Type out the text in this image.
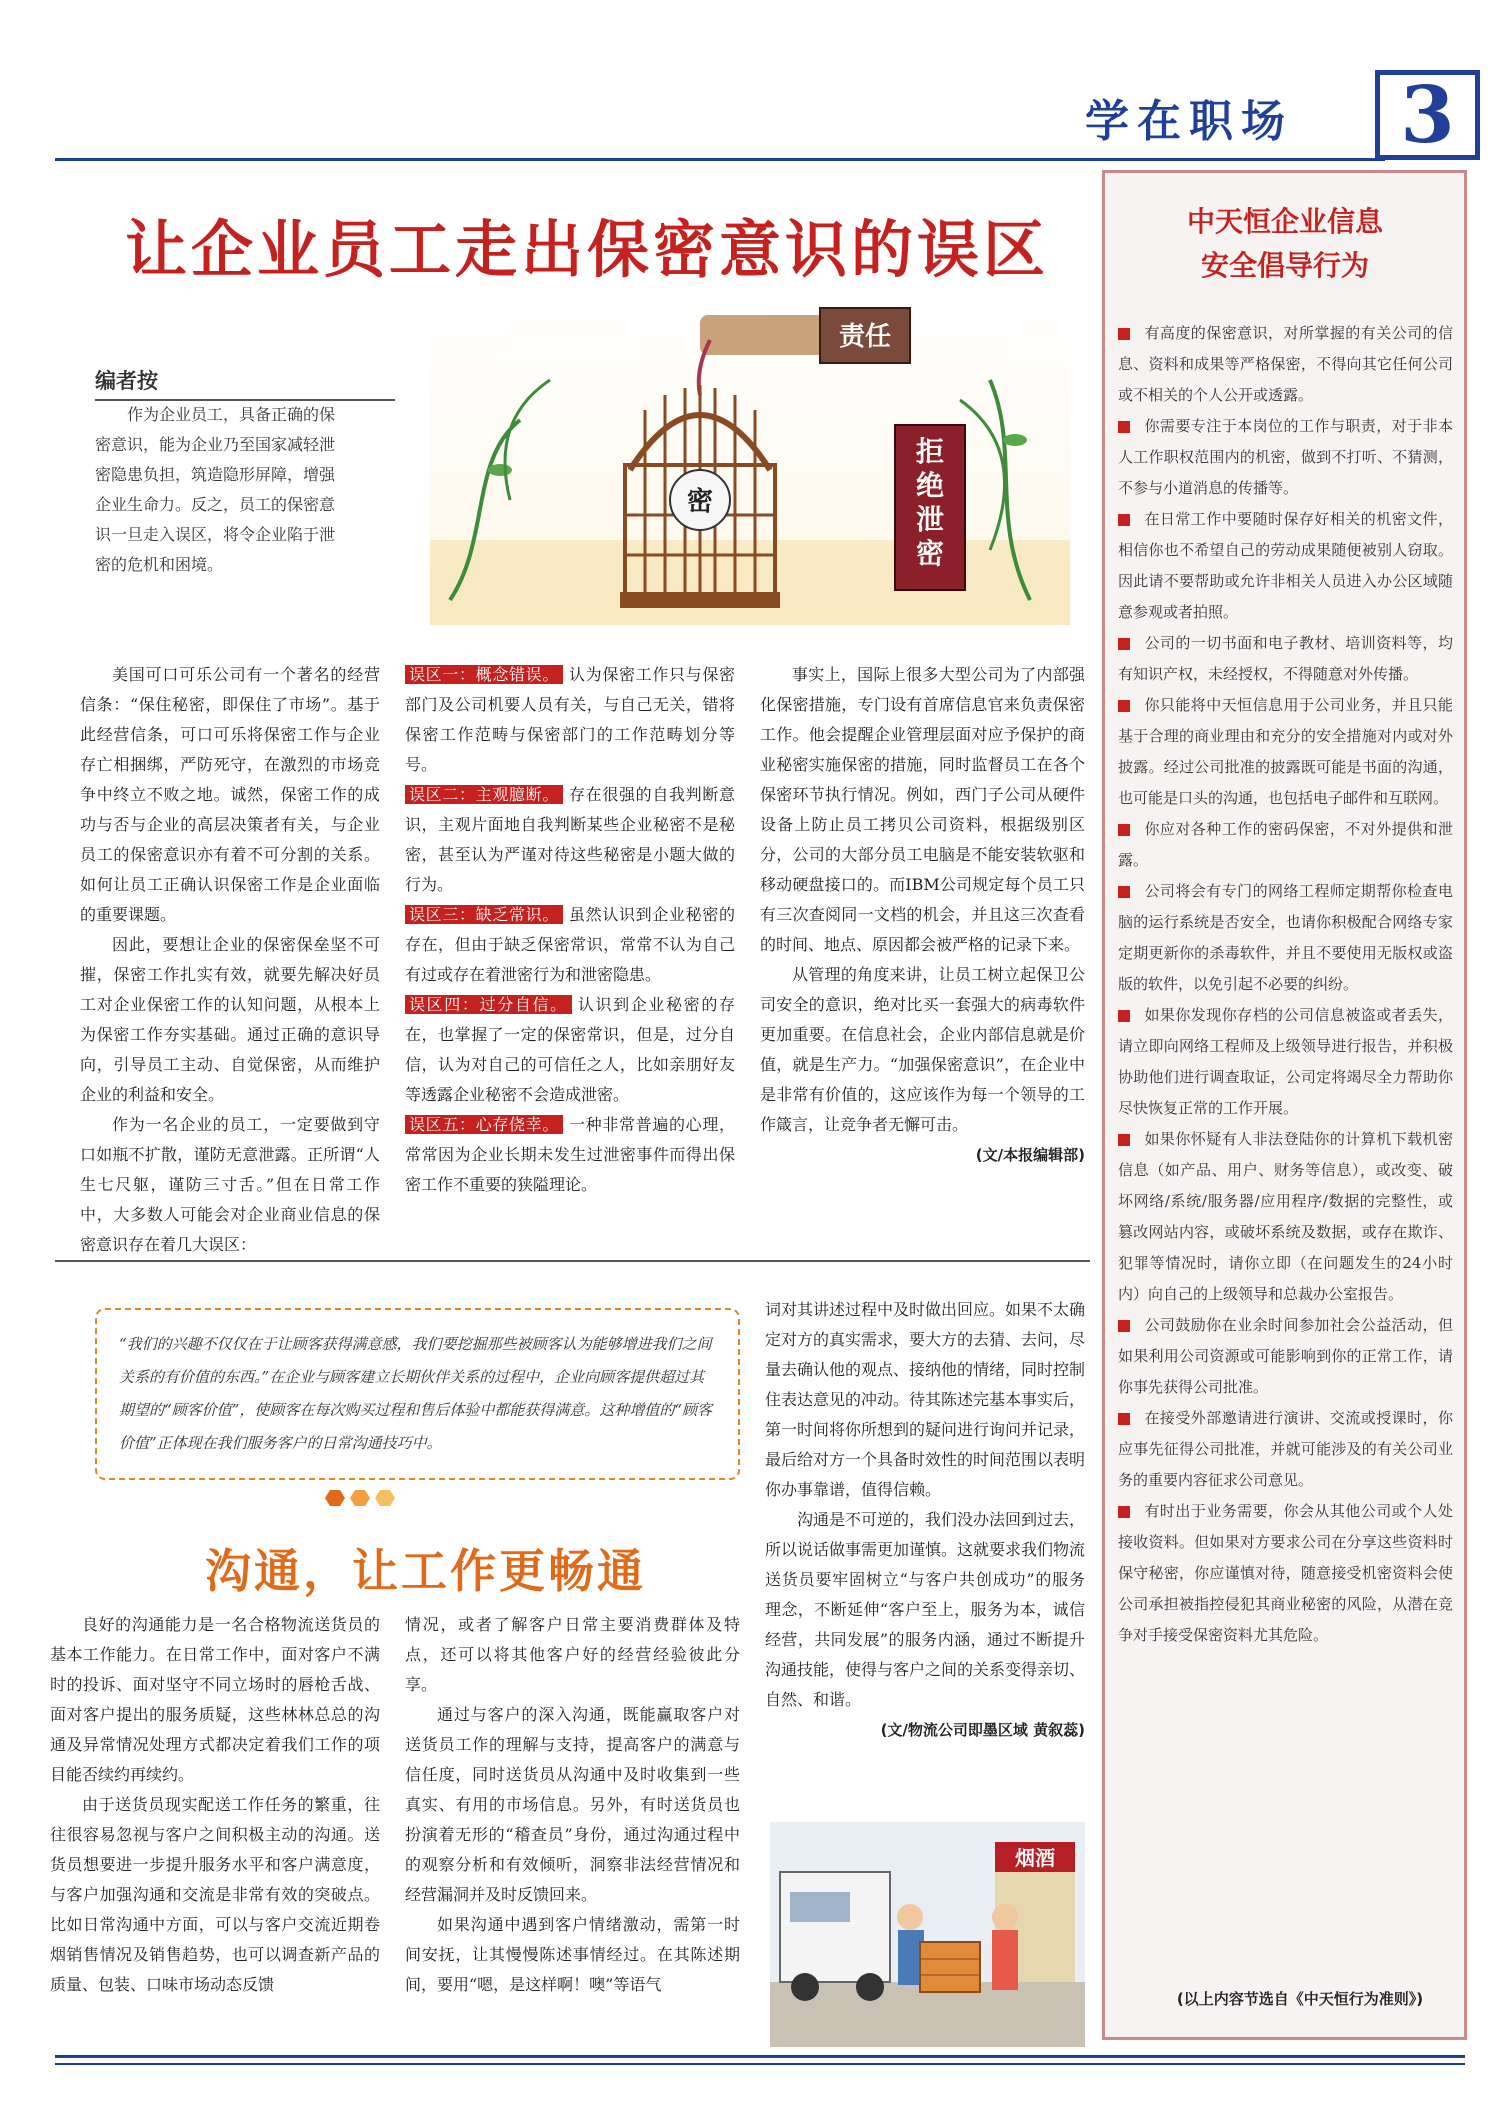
学在职场	3
让企业员工走出保密意识的误区
编者按
作为企业员工，具备正确的保密意识，能为企业乃至国家减轻泄密隐患负担，筑造隐形屏障，增强企业生命力。反之，员工的保密意识一旦走入误区，将令企业陷于泄密的危机和困境。
责任
密
拒绝泄密

美国可口可乐公司有一个著名的经营信条：“保住秘密，即保住了市场”。基于此经营信条，可口可乐将保密工作与企业存亡相捆绑，严防死守，在激烈的市场竞争中终立不败之地。诚然，保密工作的成功与否与企业的高层决策者有关，与企业员工的保密意识亦有着不可分割的关系。如何让员工正确认识保密工作是企业面临的重要课题。

因此，要想让企业的保密保垒坚不可摧，保密工作扎实有效，就要先解决好员工对企业保密工作的认知问题，从根本上为保密工作夯实基础。通过正确的意识导向，引导员工主动、自觉保密，从而维护企业的利益和安全。

作为一名企业的员工，一定要做到守口如瓶不扩散，谨防无意泄露。正所谓“人生七尺躯，谨防三寸舌。”但在日常工作中，大多数人可能会对企业商业信息的保密意识存在着几大误区：

误区一：概念错误。 认为保密工作只与保密部门及公司机要人员有关，与自己无关，错将保密工作范畴与保密部门的工作范畴划分等号。
误区二：主观臆断。 存在很强的自我判断意识，主观片面地自我判断某些企业秘密不是秘密，甚至认为严谨对待这些秘密是小题大做的行为。
误区三：缺乏常识。 虽然认识到企业秘密的存在，但由于缺乏保密常识，常常不认为自己有过或存在着泄密行为和泄密隐患。
误区四：过分自信。 认识到企业秘密的存在，也掌握了一定的保密常识，但是，过分自信，认为对自己的可信任之人，比如亲朋好友等透露企业秘密不会造成泄密。
误区五：心存侥幸。 一种非常普遍的心理，常常因为企业长期未发生过泄密事件而得出保密工作不重要的狭隘理论。

事实上，国际上很多大型公司为了内部强化保密措施，专门设有首席信息官来负责保密工作。他会提醒企业管理层面对应予保护的商业秘密实施保密的措施，同时监督员工在各个保密环节执行情况。例如，西门子公司从硬件设备上防止员工拷贝公司资料，根据级别区分，公司的大部分员工电脑是不能安装软驱和移动硬盘接口的。而IBM公司规定每个员工只有三次查阅同一文档的机会，并且这三次查看的时间、地点、原因都会被严格的记录下来。

从管理的角度来讲，让员工树立起保卫公司安全的意识，绝对比买一套强大的病毒软件更加重要。在信息社会，企业内部信息就是价值，就是生产力。“加强保密意识”，在企业中是非常有价值的，这应该作为每一个领导的工作箴言，让竞争者无懈可击。

(文/本报编辑部)
“我们的兴趣不仅仅在于让顾客获得满意感，我们要挖掘那些被顾客认为能够增进我们之间关系的有价值的东西。”在企业与顾客建立长期伙伴关系的过程中，企业向顾客提供超过其期望的“顾客价值”，使顾客在每次购买过程和售后体验中都能获得满意。这种增值的“顾客价值”正体现在我们服务客户的日常沟通技巧中。
沟通，让工作更畅通

良好的沟通能力是一名合格物流送货员的基本工作能力。在日常工作中，面对客户不满时的投诉、面对坚守不同立场时的唇枪舌战、面对客户提出的服务质疑，这些林林总总的沟通及异常情况处理方式都决定着我们工作的项目能否续约再续约。

由于送货员现实配送工作任务的繁重，往往很容易忽视与客户之间积极主动的沟通。送货员想要进一步提升服务水平和客户满意度，与客户加强沟通和交流是非常有效的突破点。比如日常沟通中方面，可以与客户交流近期卷烟销售情况及销售趋势，也可以调查新产品的质量、包装、口味市场动态反馈

情况，或者了解客户日常主要消费群体及特点，还可以将其他客户好的经营经验彼此分享。

通过与客户的深入沟通，既能赢取客户对送货员工作的理解与支持，提高客户的满意与信任度，同时送货员从沟通中及时收集到一些真实、有用的市场信息。另外，有时送货员也扮演着无形的“稽查员”身份，通过沟通过程中的观察分析和有效倾听，洞察非法经营情况和经营漏洞并及时反馈回来。

如果沟通中遇到客户情绪激动，需第一时间安抚，让其慢慢陈述事情经过。在其陈述期间，要用“嗯，是这样啊！噢”等语气

词对其讲述过程中及时做出回应。如果不太确定对方的真实需求，要大方的去猜、去问，尽量去确认他的观点、接纳他的情绪，同时控制住表达意见的冲动。待其陈述完基本事实后，第一时间将你所想到的疑问进行询问并记录，最后给对方一个具备时效性的时间范围以表明你办事靠谱，值得信赖。

沟通是不可逆的，我们没办法回到过去，所以说话做事需更加谨慎。这就要求我们物流送货员要牢固树立“与客户共创成功”的服务理念，不断延伸“客户至上，服务为本，诚信经营，共同发展”的服务内涵，通过不断提升沟通技能，使得与客户之间的关系变得亲切、自然、和谐。

(文/物流公司即墨区域 黄叙蕊)
烟酒
中天恒企业信息
安全倡导行为

有高度的保密意识，对所掌握的有关公司的信息、资料和成果等严格保密，不得向其它任何公司或不相关的个人公开或透露。

你需要专注于本岗位的工作与职责，对于非本人工作职权范围内的机密，做到不打听、不猜测，不参与小道消息的传播等。

在日常工作中要随时保存好相关的机密文件，相信你也不希望自己的劳动成果随便被别人窃取。因此请不要帮助或允许非相关人员进入办公区域随意参观或者拍照。

公司的一切书面和电子教材、培训资料等，均有知识产权，未经授权，不得随意对外传播。

你只能将中天恒信息用于公司业务，并且只能基于合理的商业理由和充分的安全措施对内或对外披露。经过公司批准的披露既可能是书面的沟通，也可能是口头的沟通，也包括电子邮件和互联网。

你应对各种工作的密码保密，不对外提供和泄露。

公司将会有专门的网络工程师定期帮你检查电脑的运行系统是否安全，也请你积极配合网络专家定期更新你的杀毒软件，并且不要使用无版权或盗版的软件，以免引起不必要的纠纷。

如果你发现你存档的公司信息被盗或者丢失，请立即向网络工程师及上级领导进行报告，并积极协助他们进行调查取证，公司定将竭尽全力帮助你尽快恢复正常的工作开展。

如果你怀疑有人非法登陆你的计算机下载机密信息（如产品、用户、财务等信息），或改变、破坏网络/系统/服务器/应用程序/数据的完整性，或篡改网站内容，或破坏系统及数据，或存在欺诈、犯罪等情况时，请你立即（在问题发生的24小时内）向自己的上级领导和总裁办公室报告。

公司鼓励你在业余时间参加社会公益活动，但如果利用公司资源或可能影响到你的正常工作，请你事先获得公司批准。

在接受外部邀请进行演讲、交流或授课时，你应事先征得公司批准，并就可能涉及的有关公司业务的重要内容征求公司意见。

有时出于业务需要，你会从其他公司或个人处接收资料。但如果对方要求公司在分享这些资料时保守秘密，你应谨慎对待，随意接受机密资料会使公司承担被指控侵犯其商业秘密的风险，从潜在竞争对手接受保密资料尤其危险。

(以上内容节选自《中天恒行为准则》)
